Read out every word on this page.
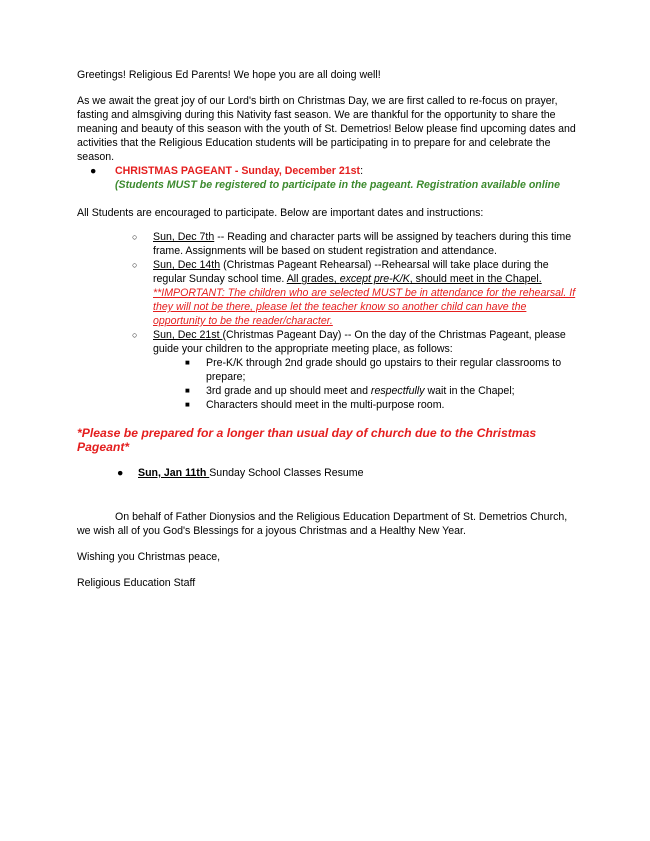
Greetings! Religious Ed Parents! We hope you are all doing well!

As we await the great joy of our Lord's birth on Christmas Day, we are first called to re-focus on prayer, fasting and almsgiving during this Nativity fast season. We are thankful for the opportunity to share the meaning and beauty of this season with the youth of St. Demetrios! Below please find upcoming dates and activities that the Religious Education students will be participating in to prepare for and celebrate the season.

● CHRISTMAS PAGEANT - Sunday, December 21st:
(Students MUST be registered to participate in the pageant. Registration available online

All Students are encouraged to participate. Below are important dates and instructions:

○ Sun, Dec 7th -- Reading and character parts will be assigned by teachers during this time frame. Assignments will be based on student registration and attendance.
○ Sun, Dec 14th (Christmas Pageant Rehearsal) --Rehearsal will take place during the regular Sunday school time. All grades, except pre-K/K, should meet in the Chapel. **IMPORTANT: The children who are selected MUST be in attendance for the rehearsal. If they will not be there, please let the teacher know so another child can have the opportunity to be the reader/character.
○ Sun, Dec 21st (Christmas Pageant Day) -- On the day of the Christmas Pageant, please guide your children to the appropriate meeting place, as follows:
■ Pre-K/K through 2nd grade should go upstairs to their regular classrooms to prepare;
■ 3rd grade and up should meet and respectfully wait in the Chapel;
■ Characters should meet in the multi-purpose room.

*Please be prepared for a longer than usual day of church due to the Christmas Pageant*

● Sun, Jan 11th Sunday School Classes Resume

On behalf of Father Dionysios and the Religious Education Department of St. Demetrios Church, we wish all of you God's Blessings for a joyous Christmas and a Healthy New Year.

Wishing you Christmas peace,

Religious Education Staff
